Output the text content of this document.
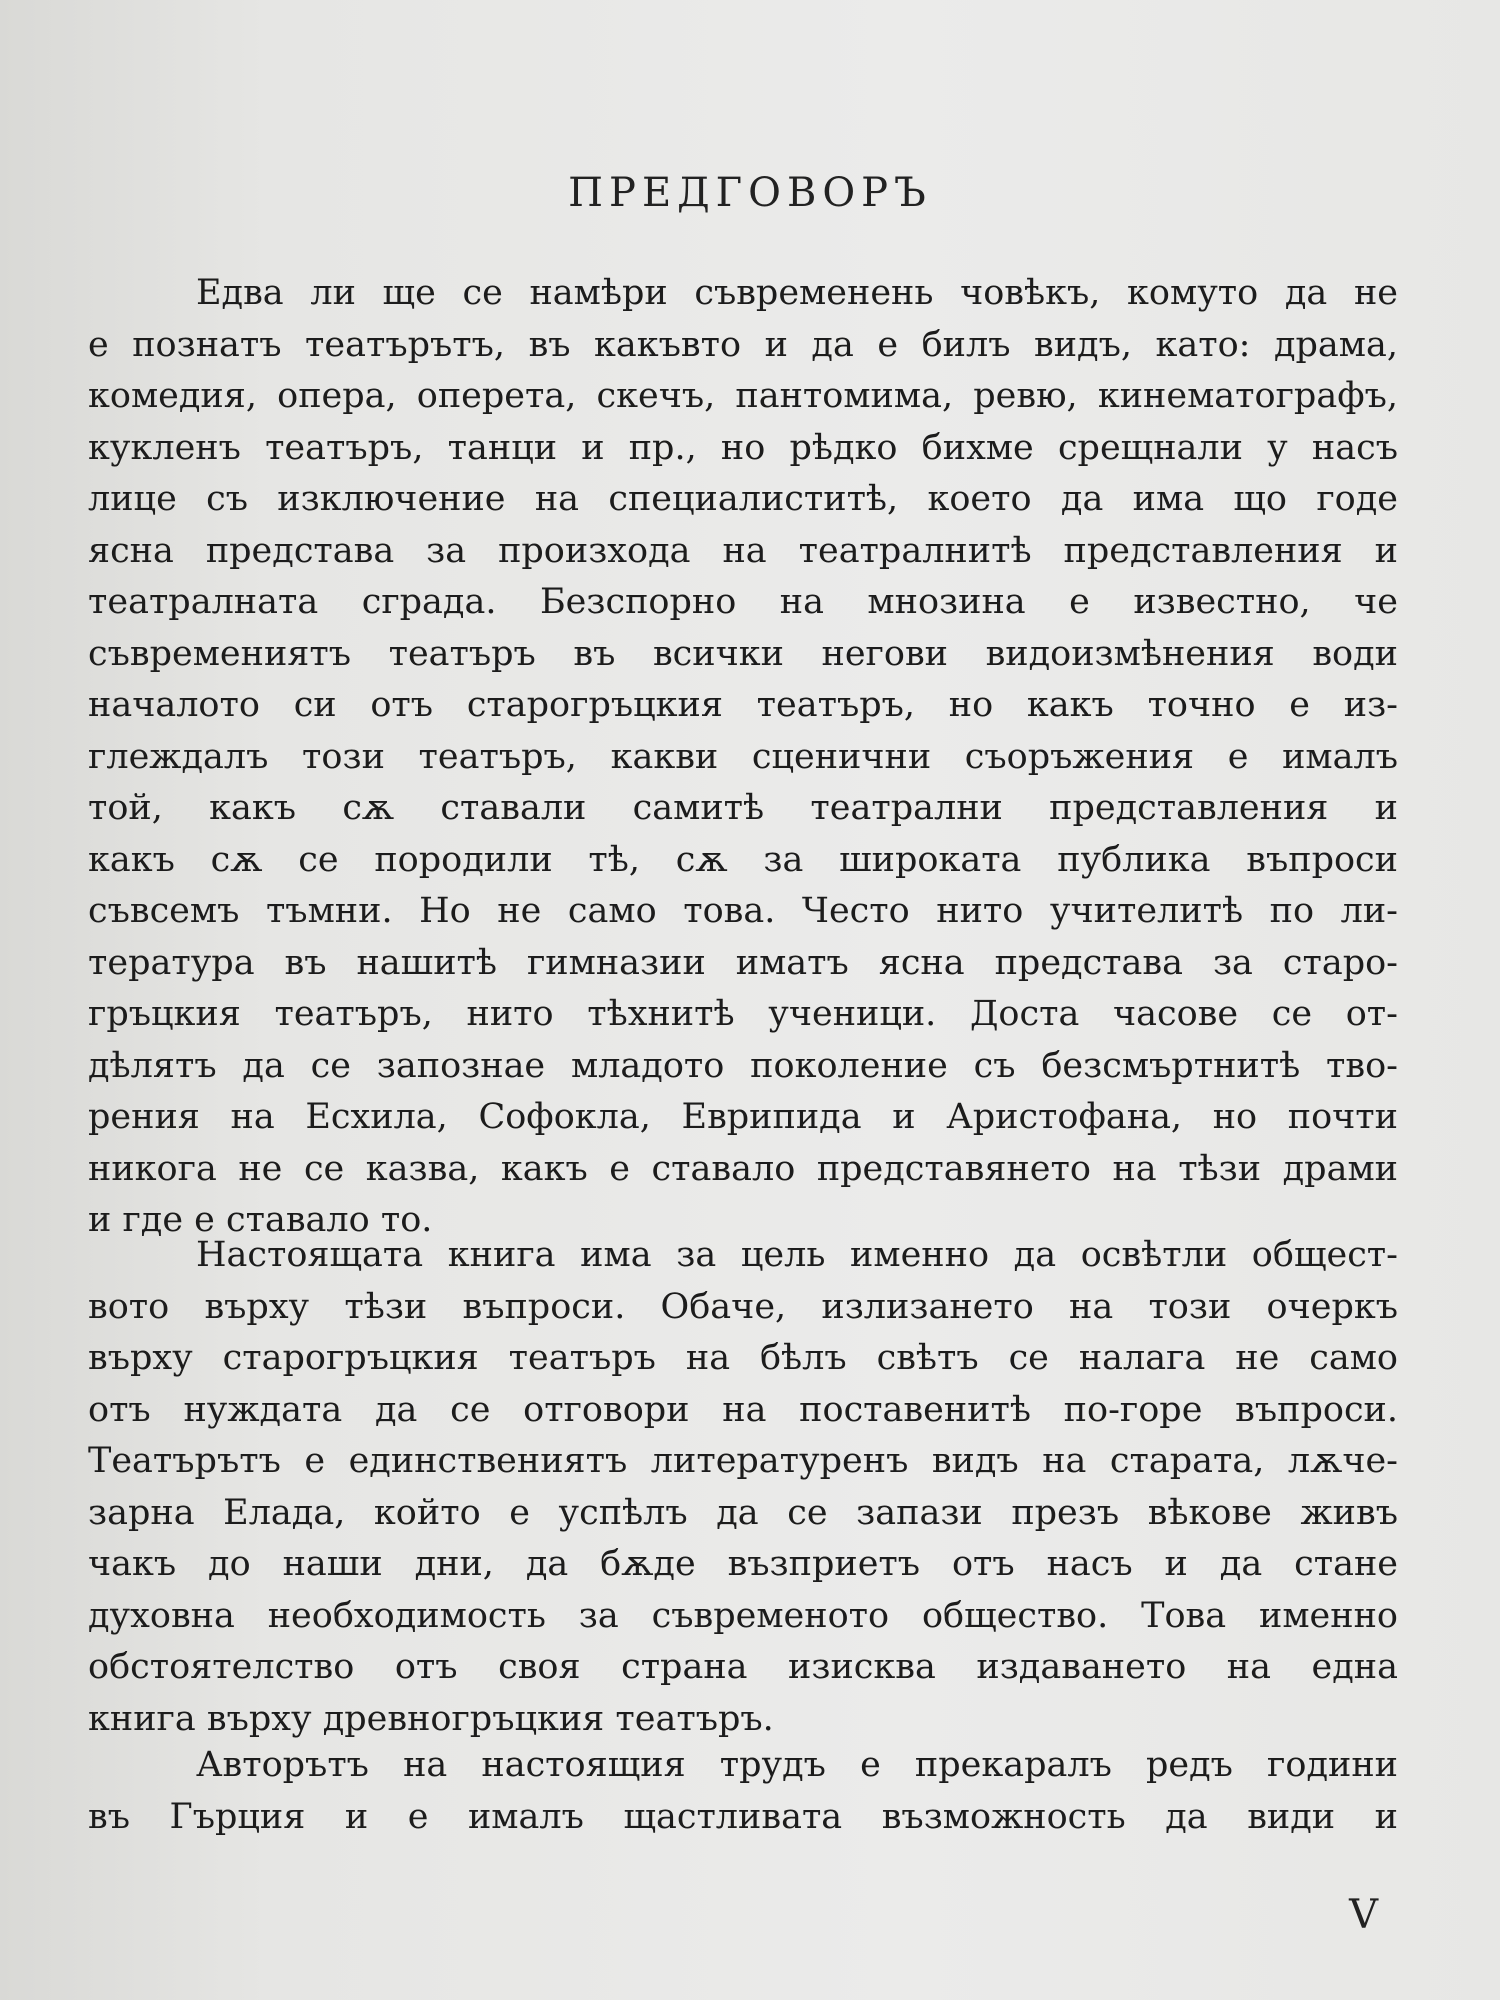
ПРЕДГОВОРЪ
Едва ли ще се намѣри съвременень човѣкъ, комуто да не
е познатъ театърътъ, въ какъвто и да е билъ видъ, като: драма,
комедия, опера, оперета, скечъ, пантомима, ревю, кинематографъ,
кукленъ театъръ, танци и пр., но рѣдко бихме срещнали у насъ
лице съ изключение на специалиститѣ, което да има що годе
ясна представа за произхода на театралнитѣ представления и
театралната сграда. Безспорно на мнозина е известно, че
съвремениятъ театъръ въ всички негови видоизмѣнения води
началото си отъ старогръцкия театъръ, но какъ точно е из-
глеждалъ този театъръ, какви сценични съоръжения е ималъ
той, какъ сѫ ставали самитѣ театрални представления и
какъ сѫ се породили тѣ, сѫ за широката публика въпроси
съвсемъ тъмни. Но не само това. Често нито учителитѣ по ли-
тература въ нашитѣ гимназии иматъ ясна представа за старо-
гръцкия театъръ, нито тѣхнитѣ ученици. Доста часове се от-
дѣлятъ да се запознае младото поколение съ безсмъртнитѣ тво-
рения на Есхила, Софокла, Еврипида и Аристофана, но почти
никога не се казва, какъ е ставало представянето на тѣзи драми
и где е ставало то.
Настоящата книга има за цель именно да освѣтли общест-
вото върху тѣзи въпроси. Обаче, излизането на този очеркъ
върху старогръцкия театъръ на бѣлъ свѣтъ се налага не само
отъ нуждата да се отговори на поставенитѣ по-горе въпроси.
Театърътъ е единствениятъ литературенъ видъ на старата, лѫче-
зарна Елада, който е успѣлъ да се запази презъ вѣкове живъ
чакъ до наши дни, да бѫде възприетъ отъ насъ и да стане
духовна необходимость за съвременото общество. Това именно
обстоятелство отъ своя страна изисква издаването на една
книга върху древногръцкия театъръ.
Авторътъ на настоящия трудъ е прекаралъ редъ години
въ Гърция и е ималъ щастливата възможность да види и
V
